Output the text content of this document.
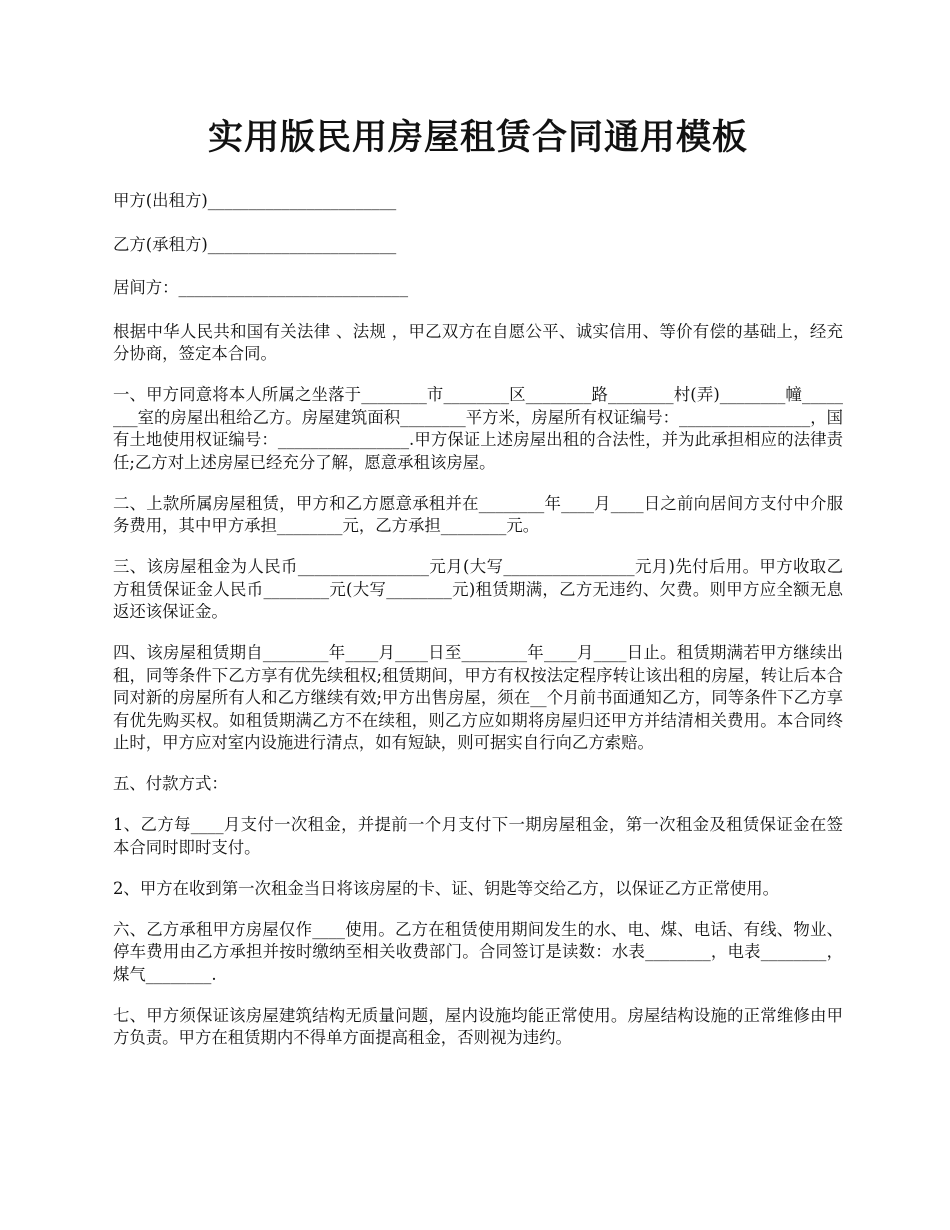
实用版民用房屋租赁合同通用模板

甲方(出租方)_______________________

乙方(承租方)_______________________

居间方：____________________________

根据中华人民共和国有关法律 、法规 ，甲乙双方在自愿公平、诚实信用、等价有偿的基础上，经充分协商，签定本合同。

一、甲方同意将本人所属之坐落于________市________区________路________村(弄)________幢________室的房屋出租给乙方。房屋建筑面积________平方米，房屋所有权证编号：________________，国有土地使用权证编号：________________.甲方保证上述房屋出租的合法性，并为此承担相应的法律责任;乙方对上述房屋已经充分了解，愿意承租该房屋。

二、上款所属房屋租赁，甲方和乙方愿意承租并在________年____月____日之前向居间方支付中介服务费用，其中甲方承担________元，乙方承担________元。

三、该房屋租金为人民币________________元月(大写________________元月)先付后用。甲方收取乙方租赁保证金人民币________元(大写________元)租赁期满，乙方无违约、欠费。则甲方应全额无息返还该保证金。

四、该房屋租赁期自________年____月____日至________年____月____日止。租赁期满若甲方继续出租，同等条件下乙方享有优先续租权;租赁期间，甲方有权按法定程序转让该出租的房屋，转让后本合同对新的房屋所有人和乙方继续有效;甲方出售房屋，须在__个月前书面通知乙方，同等条件下乙方享有优先购买权。如租赁期满乙方不在续租，则乙方应如期将房屋归还甲方并结清相关费用。本合同终止时，甲方应对室内设施进行清点，如有短缺，则可据实自行向乙方索赔。

五、付款方式：

1、乙方每____月支付一次租金，并提前一个月支付下一期房屋租金，第一次租金及租赁保证金在签本合同时即时支付。

2、甲方在收到第一次租金当日将该房屋的卡、证、钥匙等交给乙方，以保证乙方正常使用。

六、乙方承租甲方房屋仅作____使用。乙方在租赁使用期间发生的水、电、煤、电话、有线、物业、停车费用由乙方承担并按时缴纳至相关收费部门。合同签订是读数：水表________，电表________，煤气________.

七、甲方须保证该房屋建筑结构无质量问题，屋内设施均能正常使用。房屋结构设施的正常维修由甲方负责。甲方在租赁期内不得单方面提高租金，否则视为违约。
